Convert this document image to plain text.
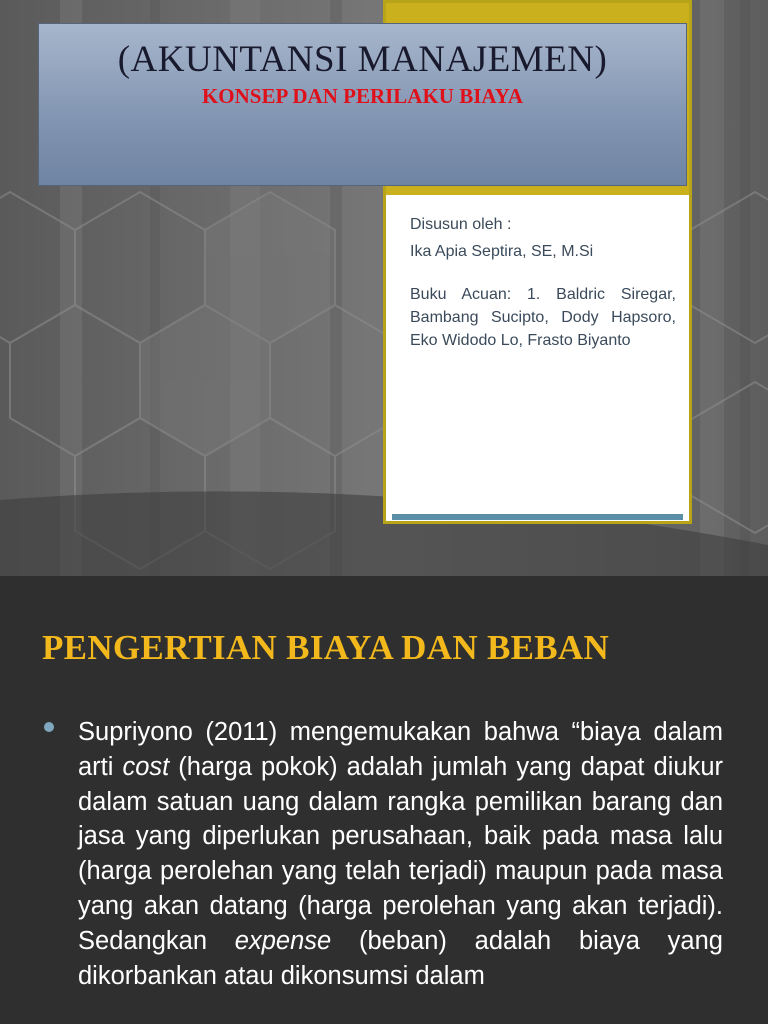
(AKUNTANSI MANAJEMEN)
KONSEP DAN PERILAKU BIAYA

Disusun oleh :

Ika Apia Septira, SE, M.Si

Buku Acuan: 1. Baldric Siregar, Bambang Sucipto, Dody Hapsoro, Eko Widodo Lo, Frasto Biyanto

PENGERTIAN BIAYA DAN BEBAN
Supriyono (2011) mengemukakan bahwa “biaya dalam arti cost (harga pokok) adalah jumlah yang dapat diukur dalam satuan uang dalam rangka pemilikan barang dan jasa yang diperlukan perusahaan, baik pada masa lalu (harga perolehan yang telah terjadi) maupun pada masa yang akan datang (harga perolehan yang akan terjadi). Sedangkan expense (beban) adalah biaya yang dikorbankan atau dikonsumsi dalam
